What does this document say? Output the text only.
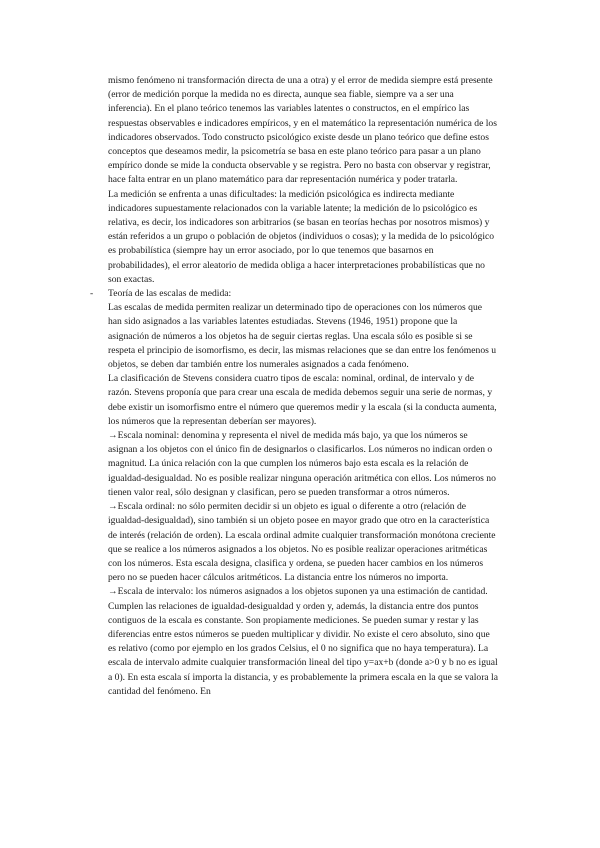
mismo fenómeno ni transformación directa de una a otra) y el error de medida siempre está presente (error de medición porque la medida no es directa, aunque sea fiable, siempre va a ser una inferencia). En el plano teórico tenemos las variables latentes o constructos, en el empírico las respuestas observables e indicadores empíricos, y en el matemático la representación numérica de los indicadores observados. Todo constructo psicológico existe desde un plano teórico que define estos conceptos que deseamos medir, la psicometría se basa en este plano teórico para pasar a un plano empírico donde se mide la conducta observable y se registra. Pero no basta con observar y registrar, hace falta entrar en un plano matemático para dar representación numérica y poder tratarla.

La medición se enfrenta a unas dificultades: la medición psicológica es indirecta mediante indicadores supuestamente relacionados con la variable latente; la medición de lo psicológico es relativa, es decir, los indicadores son arbitrarios (se basan en teorías hechas por nosotros mismos) y están referidos a un grupo o población de objetos (individuos o cosas); y la medida de lo psicológico es probabilística (siempre hay un error asociado, por lo que tenemos que basarnos en probabilidades), el error aleatorio de medida obliga a hacer interpretaciones probabilísticas que no son exactas.

- Teoría de las escalas de medida:

Las escalas de medida permiten realizar un determinado tipo de operaciones con los números que han sido asignados a las variables latentes estudiadas. Stevens (1946, 1951) propone que la asignación de números a los objetos ha de seguir ciertas reglas. Una escala sólo es posible si se respeta el principio de isomorfismo, es decir, las mismas relaciones que se dan entre los fenómenos u objetos, se deben dar también entre los numerales asignados a cada fenómeno.

La clasificación de Stevens considera cuatro tipos de escala: nominal, ordinal, de intervalo y de razón. Stevens proponía que para crear una escala de medida debemos seguir una serie de normas, y debe existir un isomorfismo entre el número que queremos medir y la escala (si la conducta aumenta, los números que la representan deberían ser mayores).

→Escala nominal: denomina y representa el nivel de medida más bajo, ya que los números se asignan a los objetos con el único fin de designarlos o clasificarlos. Los números no indican orden o magnitud. La única relación con la que cumplen los números bajo esta escala es la relación de igualdad-desigualdad. No es posible realizar ninguna operación aritmética con ellos. Los números no tienen valor real, sólo designan y clasifican, pero se pueden transformar a otros números.

→Escala ordinal: no sólo permiten decidir si un objeto es igual o diferente a otro (relación de igualdad-desigualdad), sino también si un objeto posee en mayor grado que otro en la característica de interés (relación de orden). La escala ordinal admite cualquier transformación monótona creciente que se realice a los números asignados a los objetos. No es posible realizar operaciones aritméticas con los números. Esta escala designa, clasifica y ordena, se pueden hacer cambios en los números pero no se pueden hacer cálculos aritméticos. La distancia entre los números no importa.

→Escala de intervalo: los números asignados a los objetos suponen ya una estimación de cantidad. Cumplen las relaciones de igualdad-desigualdad y orden y, además, la distancia entre dos puntos contiguos de la escala es constante. Son propiamente mediciones. Se pueden sumar y restar y las diferencias entre estos números se pueden multiplicar y dividir. No existe el cero absoluto, sino que es relativo (como por ejemplo en los grados Celsius, el 0 no significa que no haya temperatura). La escala de intervalo admite cualquier transformación lineal del tipo y=ax+b (donde a>0 y b no es igual a 0). En esta escala sí importa la distancia, y es probablemente la primera escala en la que se valora la cantidad del fenómeno. En
